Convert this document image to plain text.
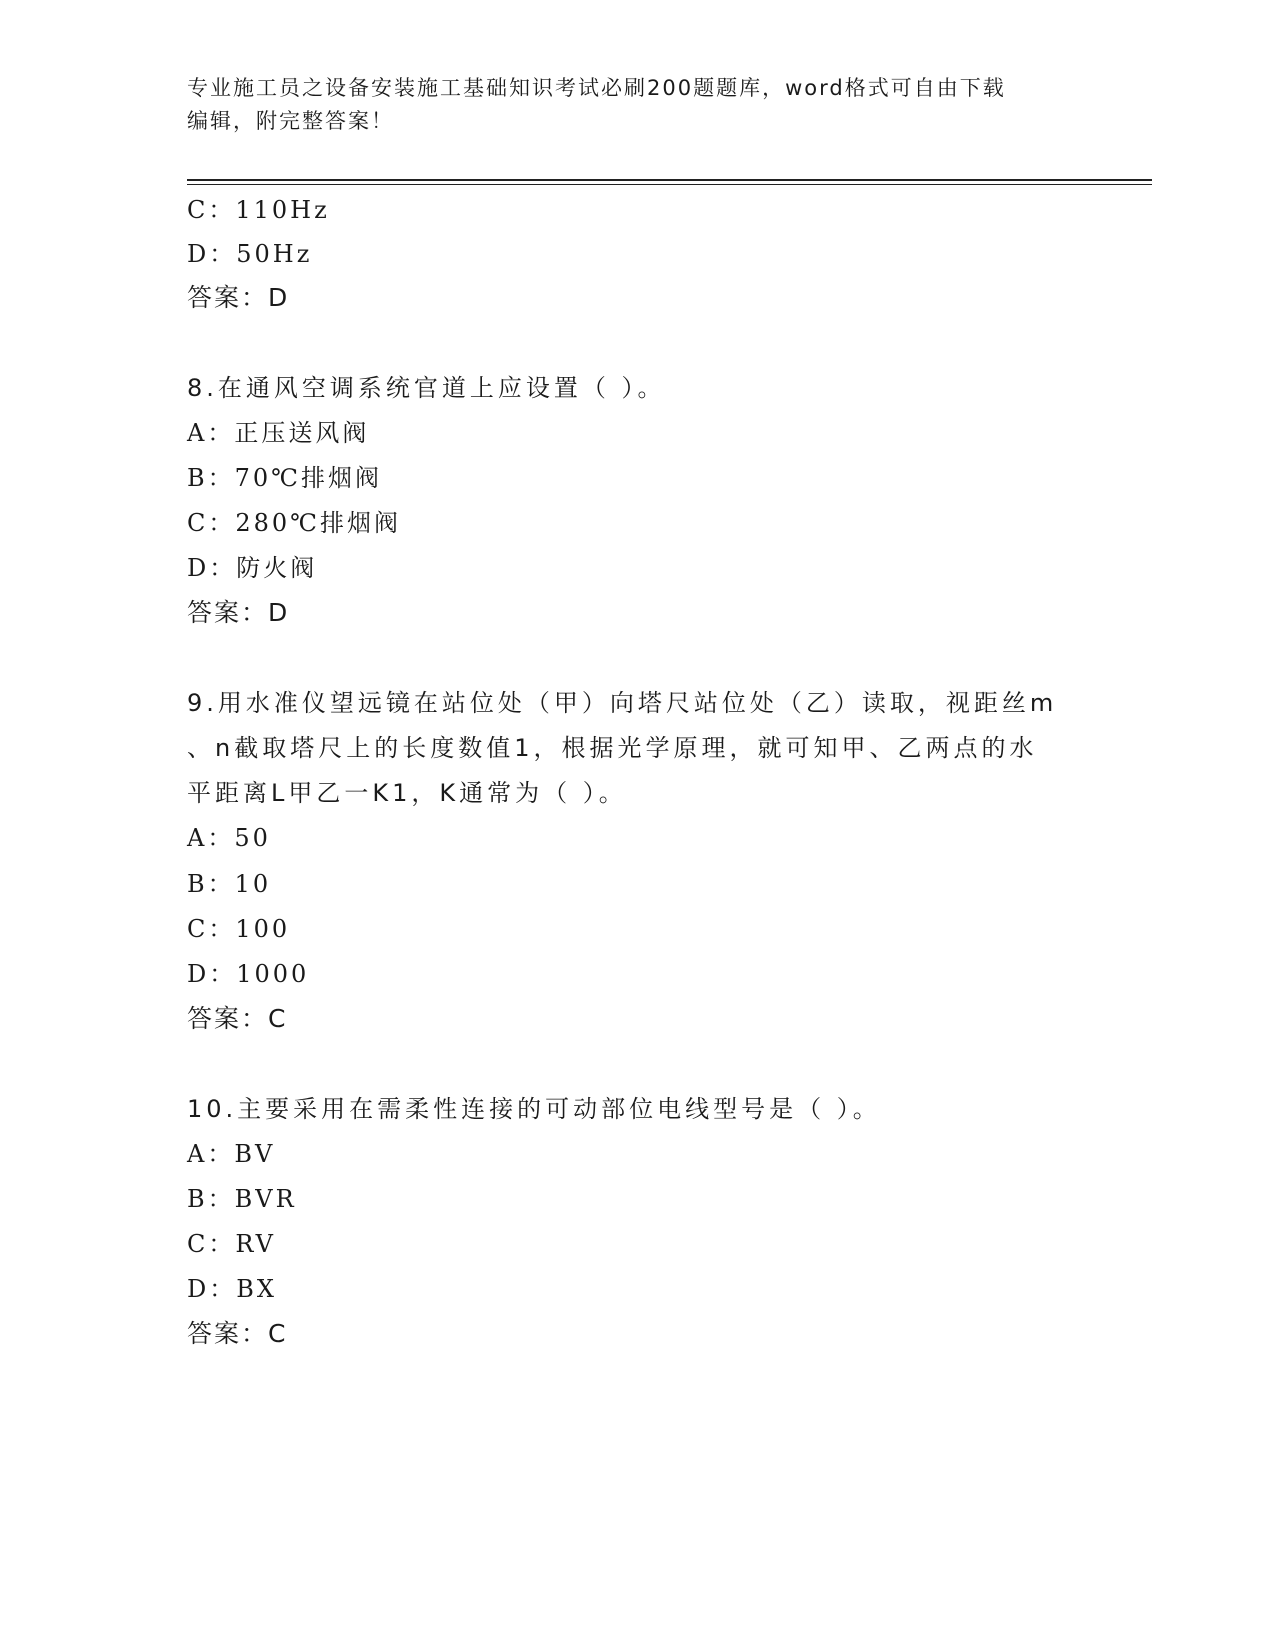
专业施工员之设备安装施工基础知识考试必刷200题题库，word格式可自由下载
编辑，附完整答案！

C：110Hz

D：50Hz

答案：D

8.在通风空调系统官道上应设置（ ）。

A：正压送风阀

B：70℃排烟阀

C：280℃排烟阀

D：防火阀

答案：D

9.用水准仪望远镜在站位处（甲）向塔尺站位处（乙）读取，视距丝m

、n截取塔尺上的长度数值1，根据光学原理，就可知甲、乙两点的水

平距离L甲乙一K1，K通常为（ ）。

A：50

B：10

C：100

D：1000

答案：C

10.主要采用在需柔性连接的可动部位电线型号是（ ）。

A：BV

B：BVR

C：RV

D：BX

答案：C
